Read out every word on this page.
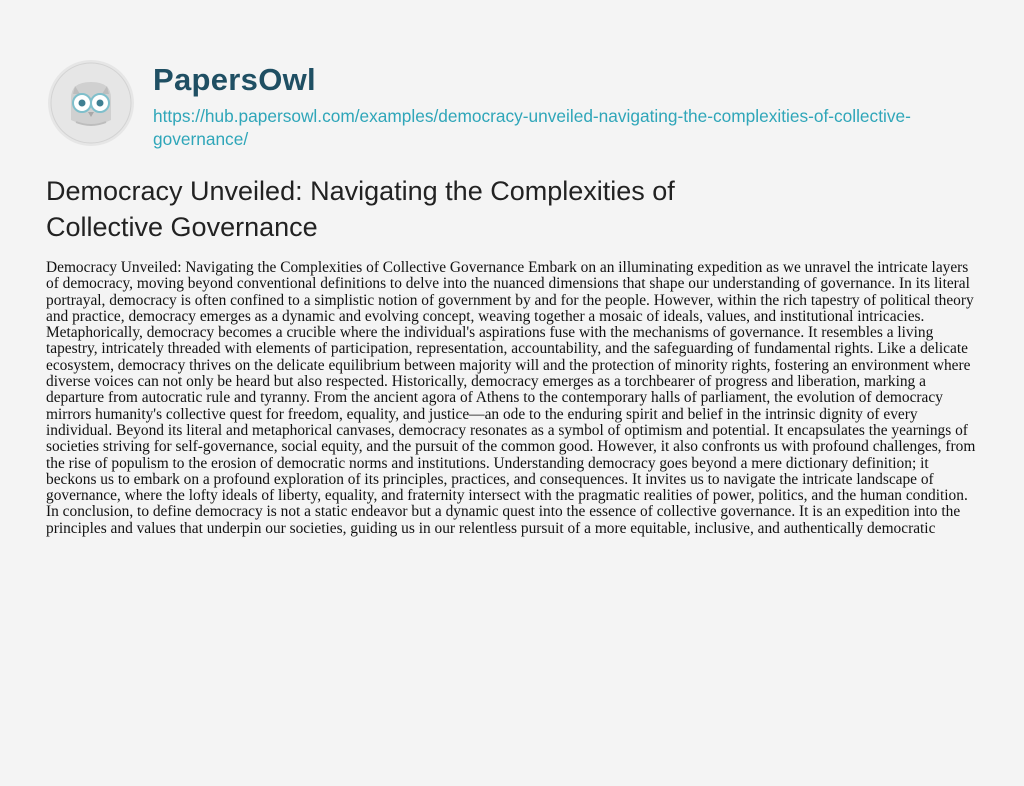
PapersOwl
https://hub.papersowl.com/examples/democracy-unveiled-navigating-the-complexities-of-collective-governance/
Democracy Unveiled: Navigating the Complexities of Collective Governance

Democracy Unveiled: Navigating the Complexities of Collective Governance Embark on an illuminating expedition as we unravel the intricate layers of democracy, moving beyond conventional definitions to delve into the nuanced dimensions that shape our understanding of governance. In its literal portrayal, democracy is often confined to a simplistic notion of government by and for the people. However, within the rich tapestry of political theory and practice, democracy emerges as a dynamic and evolving concept, weaving together a mosaic of ideals, values, and institutional intricacies. Metaphorically, democracy becomes a crucible where the individual's aspirations fuse with the mechanisms of governance. It resembles a living tapestry, intricately threaded with elements of participation, representation, accountability, and the safeguarding of fundamental rights. Like a delicate ecosystem, democracy thrives on the delicate equilibrium between majority will and the protection of minority rights, fostering an environment where diverse voices can not only be heard but also respected. Historically, democracy emerges as a torchbearer of progress and liberation, marking a departure from autocratic rule and tyranny. From the ancient agora of Athens to the contemporary halls of parliament, the evolution of democracy mirrors humanity's collective quest for freedom, equality, and justice—an ode to the enduring spirit and belief in the intrinsic dignity of every individual. Beyond its literal and metaphorical canvases, democracy resonates as a symbol of optimism and potential. It encapsulates the yearnings of societies striving for self-governance, social equity, and the pursuit of the common good. However, it also confronts us with profound challenges, from the rise of populism to the erosion of democratic norms and institutions. Understanding democracy goes beyond a mere dictionary definition; it beckons us to embark on a profound exploration of its principles, practices, and consequences. It invites us to navigate the intricate landscape of governance, where the lofty ideals of liberty, equality, and fraternity intersect with the pragmatic realities of power, politics, and the human condition. In conclusion, to define democracy is not a static endeavor but a dynamic quest into the essence of collective governance. It is an expedition into the principles and values that underpin our societies, guiding us in our relentless pursuit of a more equitable, inclusive, and authentically democratic
